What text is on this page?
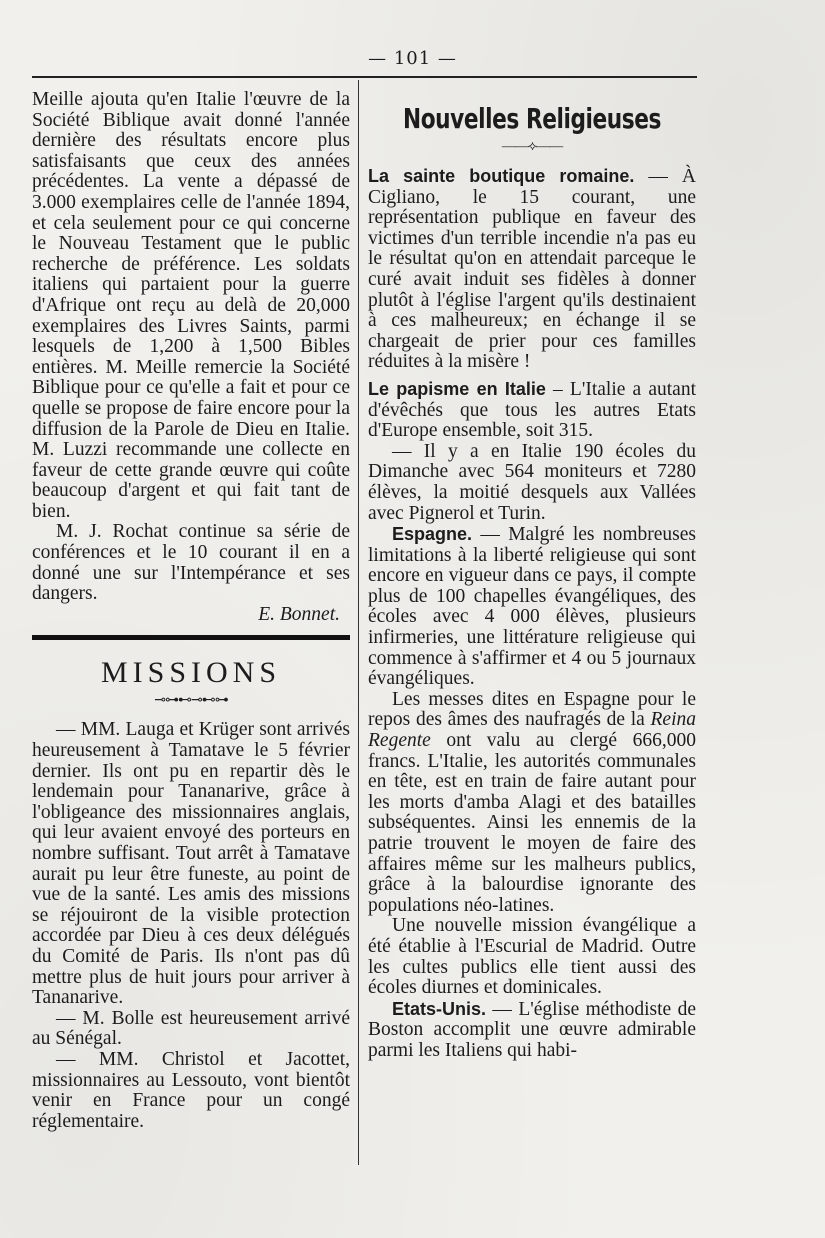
— 101 —

Meille ajouta qu'en Italie l'œuvre de la Société Biblique avait donné l'année dernière des résultats encore plus satisfaisants que ceux des années précédentes. La vente a dépassé de 3.000 exemplaires celle de l'année 1894, et cela seulement pour ce qui concerne le Nouveau Testament que le public recherche de préférence. Les soldats italiens qui partaient pour la guerre d'Afrique ont reçu au delà de 20,000 exemplaires des Livres Saints, parmi lesquels de 1,200 à 1,500 Bibles entières. M. Meille remercie la Société Biblique pour ce qu'elle a fait et pour ce quelle se propose de faire encore pour la diffusion de la Parole de Dieu en Italie. M. Luzzi recommande une collecte en faveur de cette grande œuvre qui coûte beaucoup d'argent et qui fait tant de bien.

M. J. Rochat continue sa série de conférences et le 10 courant il en a donné une sur l'Intempérance et ses dangers.

E. Bonnet.

MISSIONS
⊸⊶⊷⊸⊷⊶

— MM. Lauga et Krüger sont arrivés heureusement à Tamatave le 5 février dernier. Ils ont pu en repartir dès le lendemain pour Tananarive, grâce à l'obligeance des missionnaires anglais, qui leur avaient envoyé des porteurs en nombre suffisant. Tout arrêt à Tamatave aurait pu leur être funeste, au point de vue de la santé. Les amis des missions se réjouiront de la visible protection accordée par Dieu à ces deux délégués du Comité de Paris. Ils n'ont pas dû mettre plus de huit jours pour arriver à Tananarive.

— M. Bolle est heureusement arrivé au Sénégal.

— MM. Christol et Jacottet, missionnaires au Lessouto, vont bientôt venir en France pour un congé réglementaire.

Nouvelles Religieuses
——⟡——

La sainte boutique romaine. — À Cigliano, le 15 courant, une représentation publique en faveur des victimes d'un terrible incendie n'a pas eu le résultat qu'on en attendait parceque le curé avait induit ses fidèles à donner plutôt à l'église l'argent qu'ils destinaient à ces malheureux; en échange il se chargeait de prier pour ces familles réduites à la misère !

Le papisme en Italie – L'Italie a autant d'évêchés que tous les autres Etats d'Europe ensemble, soit 315.

— Il y a en Italie 190 écoles du Dimanche avec 564 moniteurs et 7280 élèves, la moitié desquels aux Vallées avec Pignerol et Turin.

Espagne. — Malgré les nombreuses limitations à la liberté religieuse qui sont encore en vigueur dans ce pays, il compte plus de 100 chapelles évangéliques, des écoles avec 4 000 élèves, plusieurs infirmeries, une littérature religieuse qui commence à s'affirmer et 4 ou 5 journaux évangéliques.

Les messes dites en Espagne pour le repos des âmes des naufragés de la Reina Regente ont valu au clergé 666,000 francs. L'Italie, les autorités communales en tête, est en train de faire autant pour les morts d'amba Alagi et des batailles subséquentes. Ainsi les ennemis de la patrie trouvent le moyen de faire des affaires même sur les malheurs publics, grâce à la balourdise ignorante des populations néo-latines.

Une nouvelle mission évangélique a été établie à l'Escurial de Madrid. Outre les cultes publics elle tient aussi des écoles diurnes et dominicales.

Etats-Unis. — L'église méthodiste de Boston accomplit une œuvre admirable parmi les Italiens qui habi-
